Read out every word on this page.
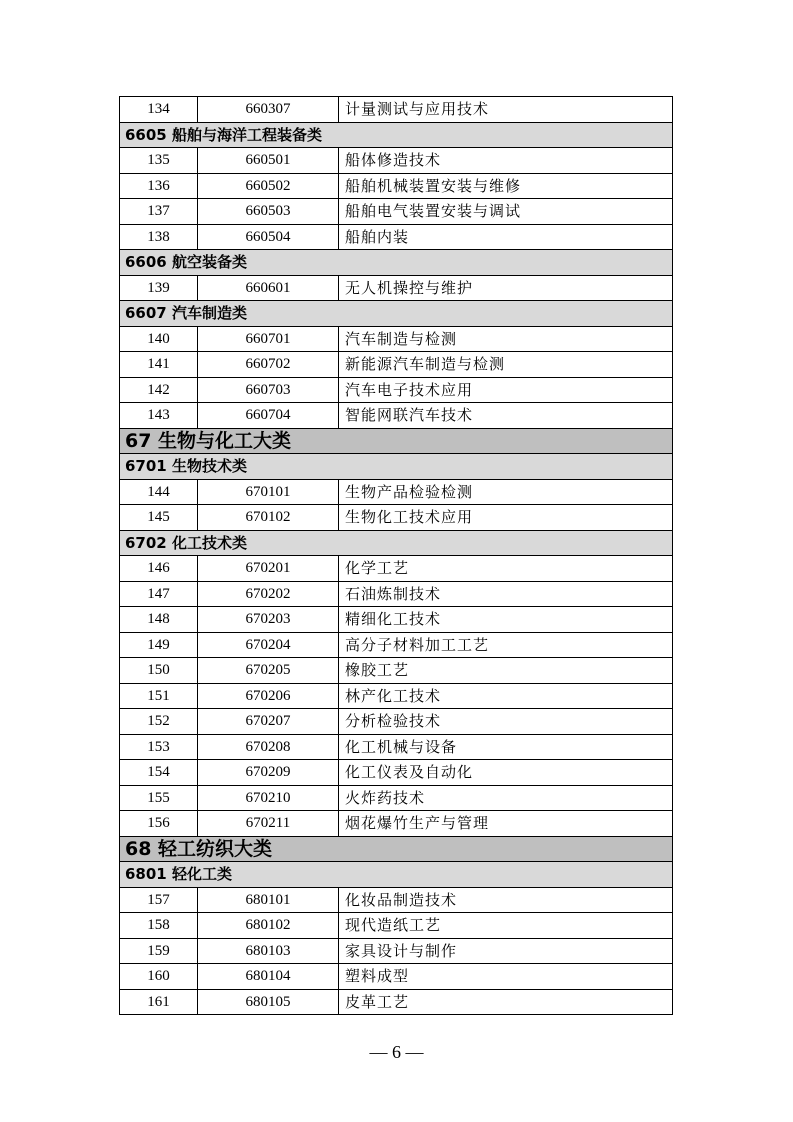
134	660307	计量测试与应用技术
6605 船舶与海洋工程装备类		
135	660501	船体修造技术
136	660502	船舶机械装置安装与维修
137	660503	船舶电气装置安装与调试
138	660504	船舶内装
6606 航空装备类		
139	660601	无人机操控与维护
6607 汽车制造类		
140	660701	汽车制造与检测
141	660702	新能源汽车制造与检测
142	660703	汽车电子技术应用
143	660704	智能网联汽车技术
67 生物与化工大类		
6701 生物技术类		
144	670101	生物产品检验检测
145	670102	生物化工技术应用
6702 化工技术类		
146	670201	化学工艺
147	670202	石油炼制技术
148	670203	精细化工技术
149	670204	高分子材料加工工艺
150	670205	橡胶工艺
151	670206	林产化工技术
152	670207	分析检验技术
153	670208	化工机械与设备
154	670209	化工仪表及自动化
155	670210	火炸药技术
156	670211	烟花爆竹生产与管理
68 轻工纺织大类		
6801 轻化工类		
157	680101	化妆品制造技术
158	680102	现代造纸工艺
159	680103	家具设计与制作
160	680104	塑料成型
161	680105	皮革工艺
— 6 —
